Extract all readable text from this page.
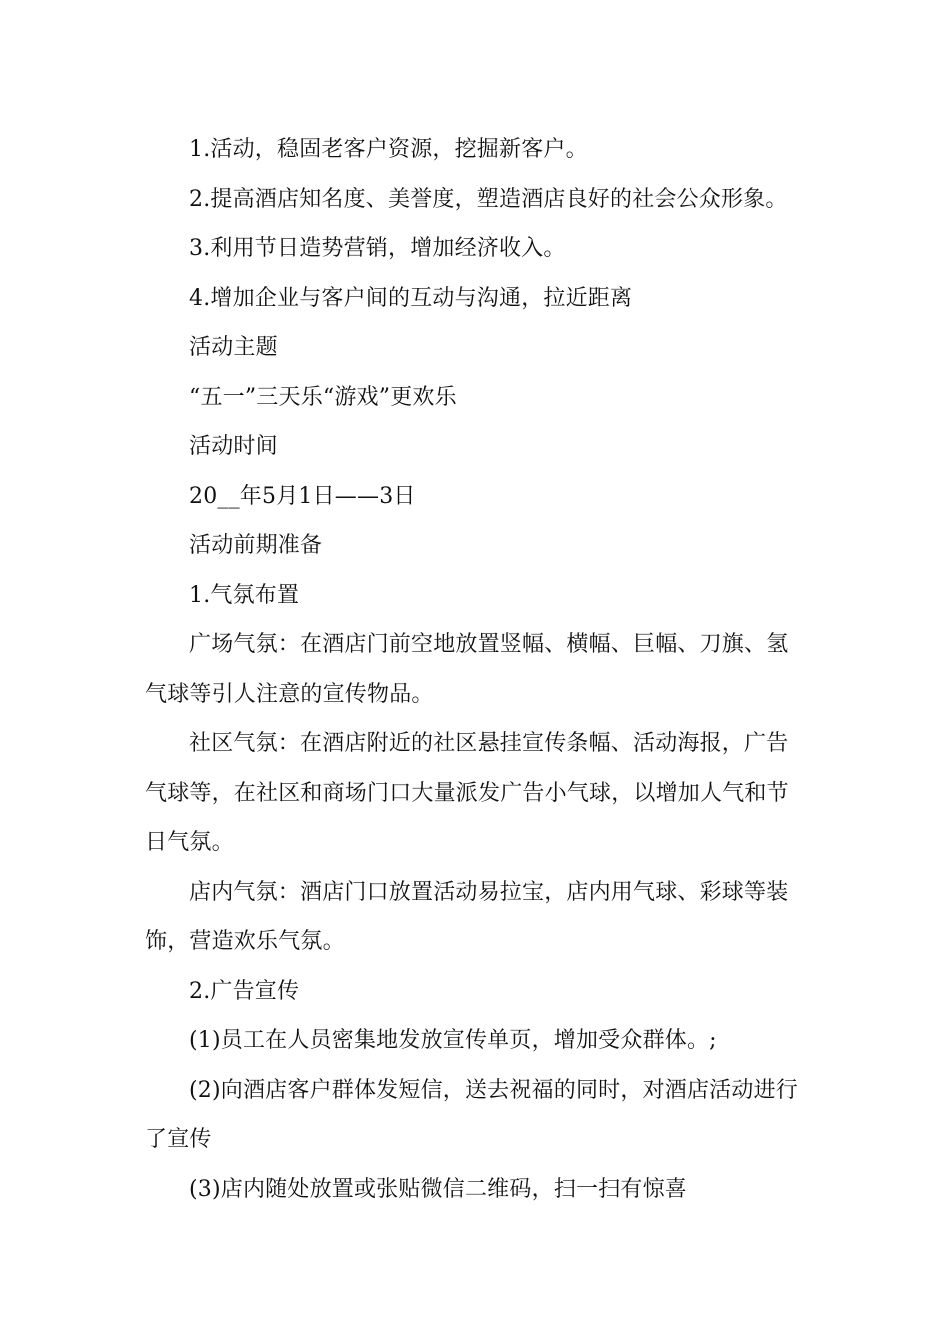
1.活动，稳固老客户资源，挖掘新客户。

2.提高酒店知名度、美誉度，塑造酒店良好的社会公众形象。

3.利用节日造势营销，增加经济收入。

4.增加企业与客户间的互动与沟通，拉近距离

活动主题

“五一”三天乐“游戏”更欢乐

活动时间

20__年5月1日——3日

活动前期准备

1.气氛布置

广场气氛：在酒店门前空地放置竖幅、横幅、巨幅、刀旗、氢气球等引人注意的宣传物品。

社区气氛：在酒店附近的社区悬挂宣传条幅、活动海报，广告气球等，在社区和商场门口大量派发广告小气球，以增加人气和节日气氛。

店内气氛：酒店门口放置活动易拉宝，店内用气球、彩球等装饰，营造欢乐气氛。

2.广告宣传

(1)员工在人员密集地发放宣传单页，增加受众群体。;

(2)向酒店客户群体发短信，送去祝福的同时，对酒店活动进行了宣传

(3)店内随处放置或张贴微信二维码，扫一扫有惊喜
